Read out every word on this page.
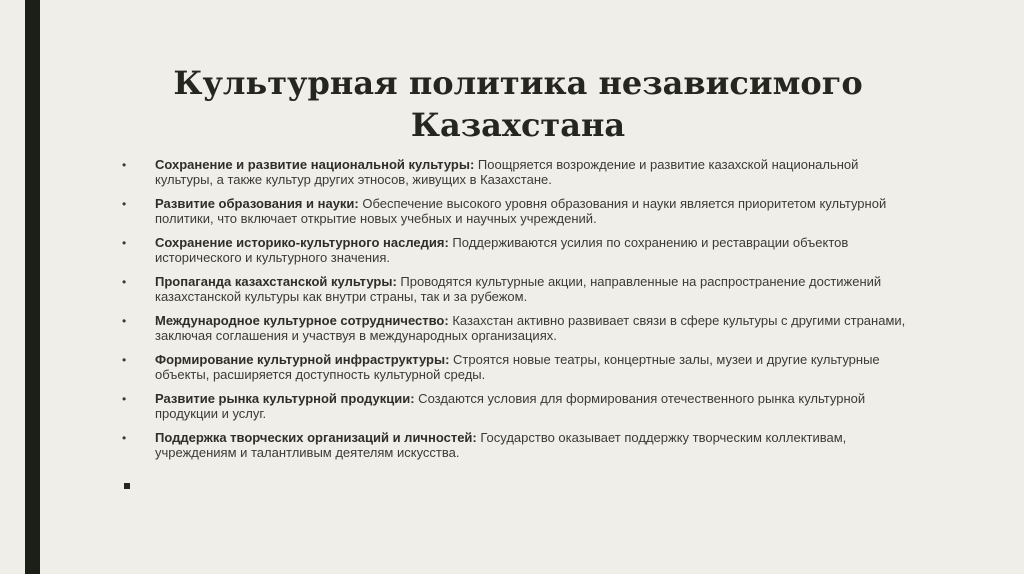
Культурная политика независимого Казахстана
• Сохранение и развитие национальной культуры: Поощряется возрождение и развитие казахской национальной культуры, а также культур других этносов, живущих в Казахстане.
• Развитие образования и науки: Обеспечение высокого уровня образования и науки является приоритетом культурной политики, что включает открытие новых учебных и научных учреждений.
• Сохранение историко-культурного наследия: Поддерживаются усилия по сохранению и реставрации объектов исторического и культурного значения.
• Пропаганда казахстанской культуры: Проводятся культурные акции, направленные на распространение достижений казахстанской культуры как внутри страны, так и за рубежом.
• Международное культурное сотрудничество: Казахстан активно развивает связи в сфере культуры с другими странами, заключая соглашения и участвуя в международных организациях.
• Формирование культурной инфраструктуры: Строятся новые театры, концертные залы, музеи и другие культурные объекты, расширяется доступность культурной среды.
• Развитие рынка культурной продукции: Создаются условия для формирования отечественного рынка культурной продукции и услуг.
• Поддержка творческих организаций и личностей: Государство оказывает поддержку творческим коллективам, учреждениям и талантливым деятелям искусства.
